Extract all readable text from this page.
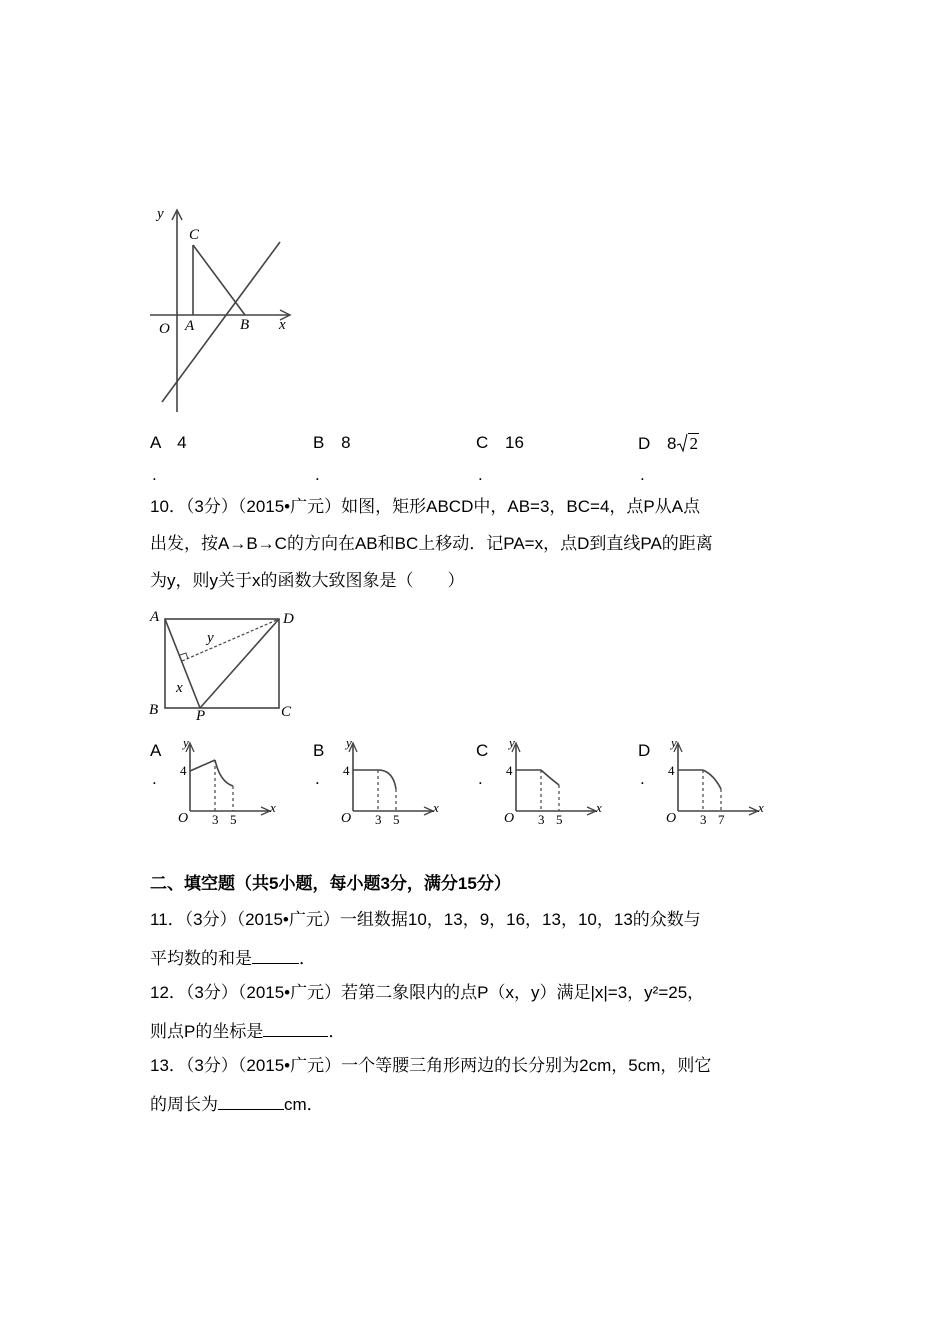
y
C
O A	B x
A 4
.
B 8
.
C 16
.
D 8 2
.
10．（3分）（2015•广元）如图，矩形ABCD中，AB=3，BC=4，点P从A点
出发，按A→B→C的方向在AB和BC上移动．记PA=x，点D到直线PA的距离
为y，则y关于x的函数大致图象是（　　）
A	D
B	C
P
x
y
A
.
y
4
O 3 5
x
B
.
y
4
O 3 5
x
C
.
y
4
O 3 5
x
D
.
y
4
O 3 7
x
二、填空题（共5小题，每小题3分，满分15分）
11．（3分）（2015•广元）一组数据10，13，9，16，13，10，13的众数与
平均数的和是	．
12．（3分）（2015•广元）若第二象限内的点P（x，y）满足|x|=3，y²=25，
则点P的坐标是	．
13．（3分）（2015•广元）一个等腰三角形两边的长分别为2cm，5cm，则它
的周长为	cm．
